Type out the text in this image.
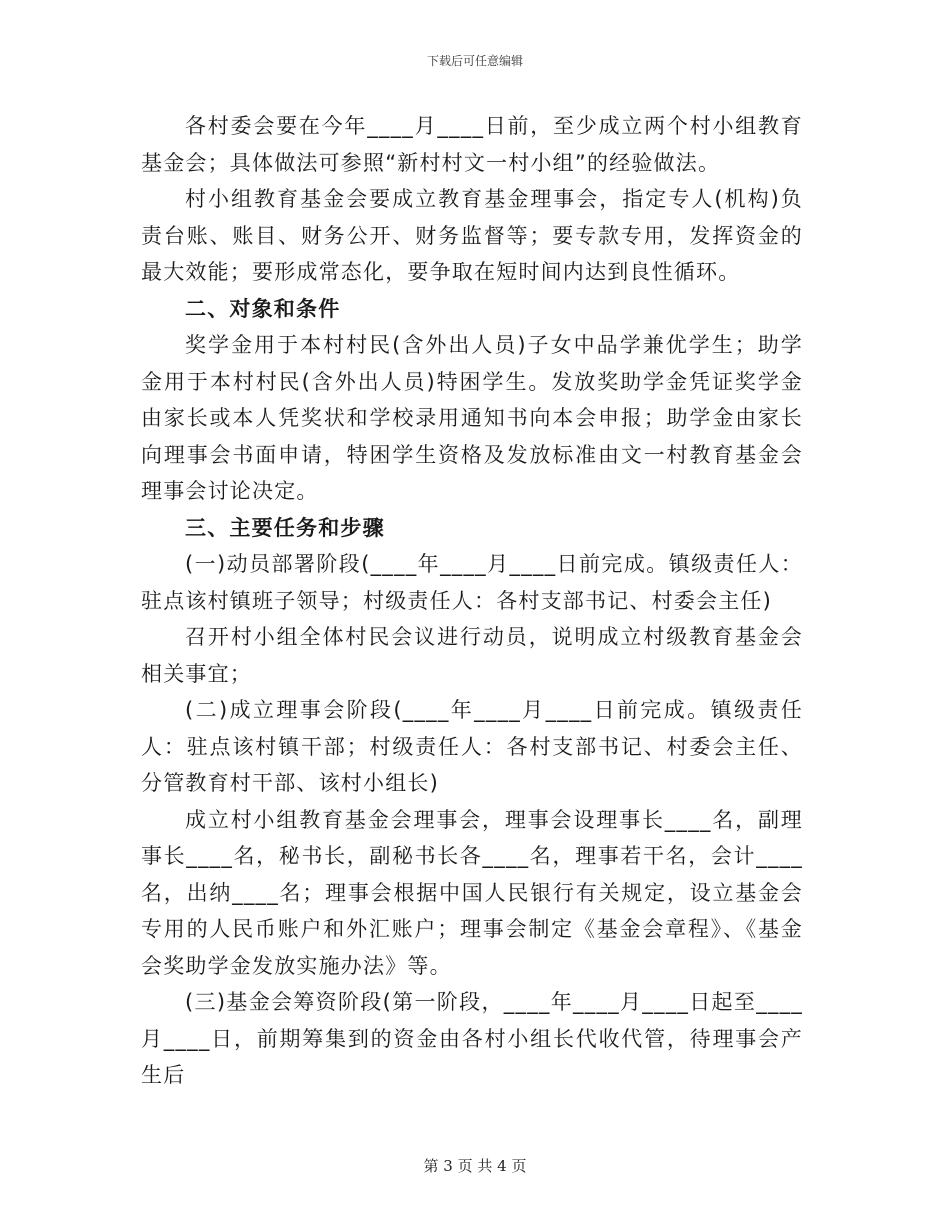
下载后可任意编辑

各村委会要在今年____月____日前，至少成立两个村小组教育基金会；具体做法可参照“新村村文一村小组”的经验做法。

村小组教育基金会要成立教育基金理事会，指定专人(机构)负责台账、账目、财务公开、财务监督等；要专款专用，发挥资金的最大效能；要形成常态化，要争取在短时间内达到良性循环。

二、对象和条件

奖学金用于本村村民(含外出人员)子女中品学兼优学生；助学金用于本村村民(含外出人员)特困学生。发放奖助学金凭证奖学金由家长或本人凭奖状和学校录用通知书向本会申报；助学金由家长向理事会书面申请，特困学生资格及发放标准由文一村教育基金会理事会讨论决定。

三、主要任务和步骤

(一)动员部署阶段(____年____月____日前完成。镇级责任人：驻点该村镇班子领导；村级责任人：各村支部书记、村委会主任)

召开村小组全体村民会议进行动员，说明成立村级教育基金会相关事宜；

(二)成立理事会阶段(____年____月____日前完成。镇级责任人：驻点该村镇干部；村级责任人：各村支部书记、村委会主任、分管教育村干部、该村小组长)

成立村小组教育基金会理事会，理事会设理事长____名，副理事长____名，秘书长，副秘书长各____名，理事若干名，会计____名，出纳____名；理事会根据中国人民银行有关规定，设立基金会专用的人民币账户和外汇账户；理事会制定《基金会章程》、《基金会奖助学金发放实施办法》等。

(三)基金会筹资阶段(第一阶段，____年____月____日起至____月____日，前期筹集到的资金由各村小组长代收代管，待理事会产生后

第 3 页 共 4 页
